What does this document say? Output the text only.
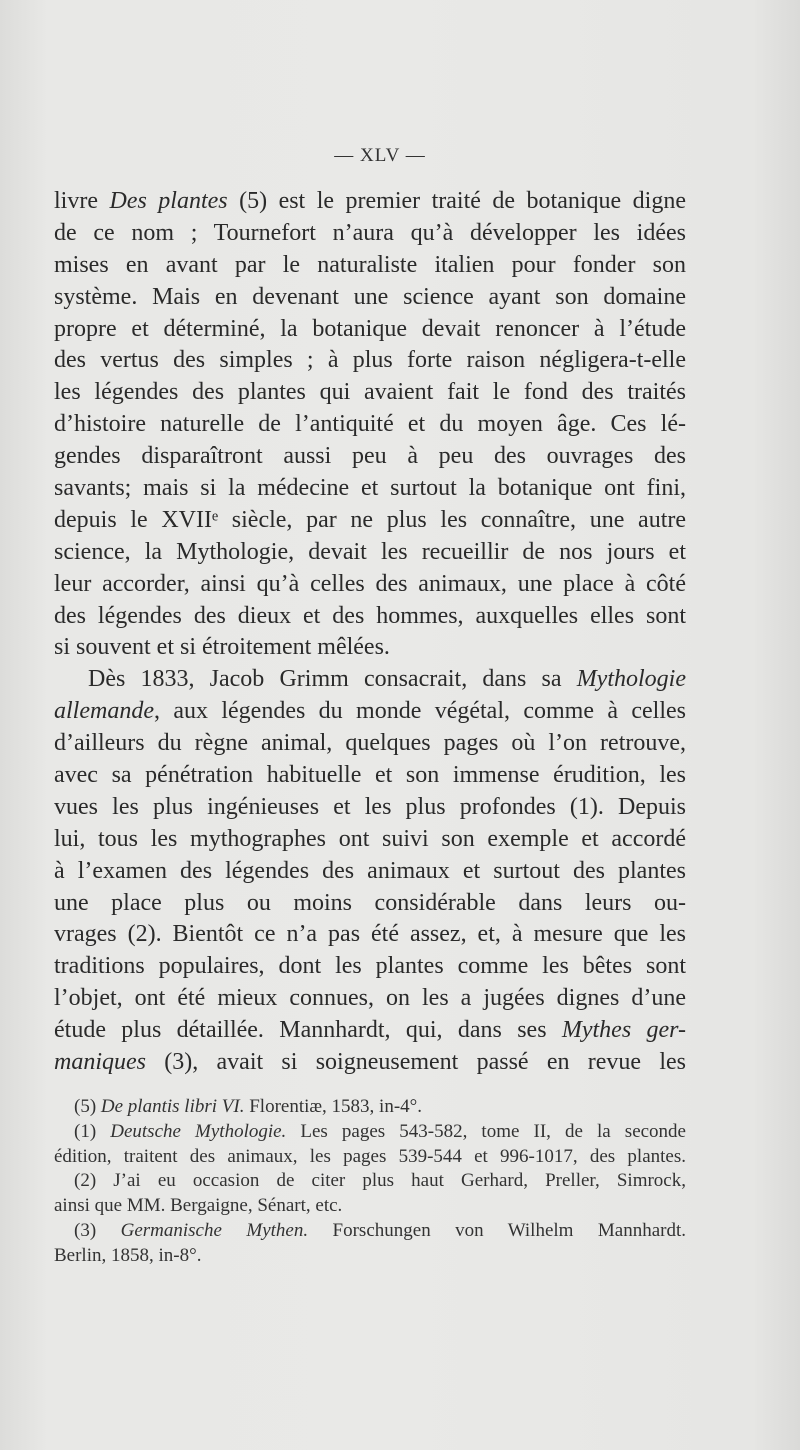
— XLV —
livre Des plantes (5) est le premier traité de botanique digne
de ce nom ; Tournefort n’aura qu’à développer les idées
mises en avant par le naturaliste italien pour fonder son
système. Mais en devenant une science ayant son domaine
propre et déterminé, la botanique devait renoncer à l’étude
des vertus des simples ; à plus forte raison négligera-t-elle
les légendes des plantes qui avaient fait le fond des traités
d’histoire naturelle de l’antiquité et du moyen âge. Ces lé-
gendes disparaîtront aussi peu à peu des ouvrages des
savants; mais si la médecine et surtout la botanique ont fini,
depuis le XVIIᵉ siècle, par ne plus les connaître, une autre
science, la Mythologie, devait les recueillir de nos jours et
leur accorder, ainsi qu’à celles des animaux, une place à côté
des légendes des dieux et des hommes, auxquelles elles sont
si souvent et si étroitement mêlées.
Dès 1833, Jacob Grimm consacrait, dans sa Mythologie
allemande, aux légendes du monde végétal, comme à celles
d’ailleurs du règne animal, quelques pages où l’on retrouve,
avec sa pénétration habituelle et son immense érudition, les
vues les plus ingénieuses et les plus profondes (1). Depuis
lui, tous les mythographes ont suivi son exemple et accordé
à l’examen des légendes des animaux et surtout des plantes
une place plus ou moins considérable dans leurs ou-
vrages (2). Bientôt ce n’a pas été assez, et, à mesure que les
traditions populaires, dont les plantes comme les bêtes sont
l’objet, ont été mieux connues, on les a jugées dignes d’une
étude plus détaillée. Mannhardt, qui, dans ses Mythes ger-
maniques (3), avait si soigneusement passé en revue les
(5) De plantis libri VI. Florentiæ, 1583, in-4°.
(1) Deutsche Mythologie. Les pages 543-582, tome II, de la seconde
édition, traitent des animaux, les pages 539-544 et 996-1017, des plantes.
(2) J’ai eu occasion de citer plus haut Gerhard, Preller, Simrock,
ainsi que MM. Bergaigne, Sénart, etc.
(3) Germanische Mythen. Forschungen von Wilhelm Mannhardt.
Berlin, 1858, in-8°.
